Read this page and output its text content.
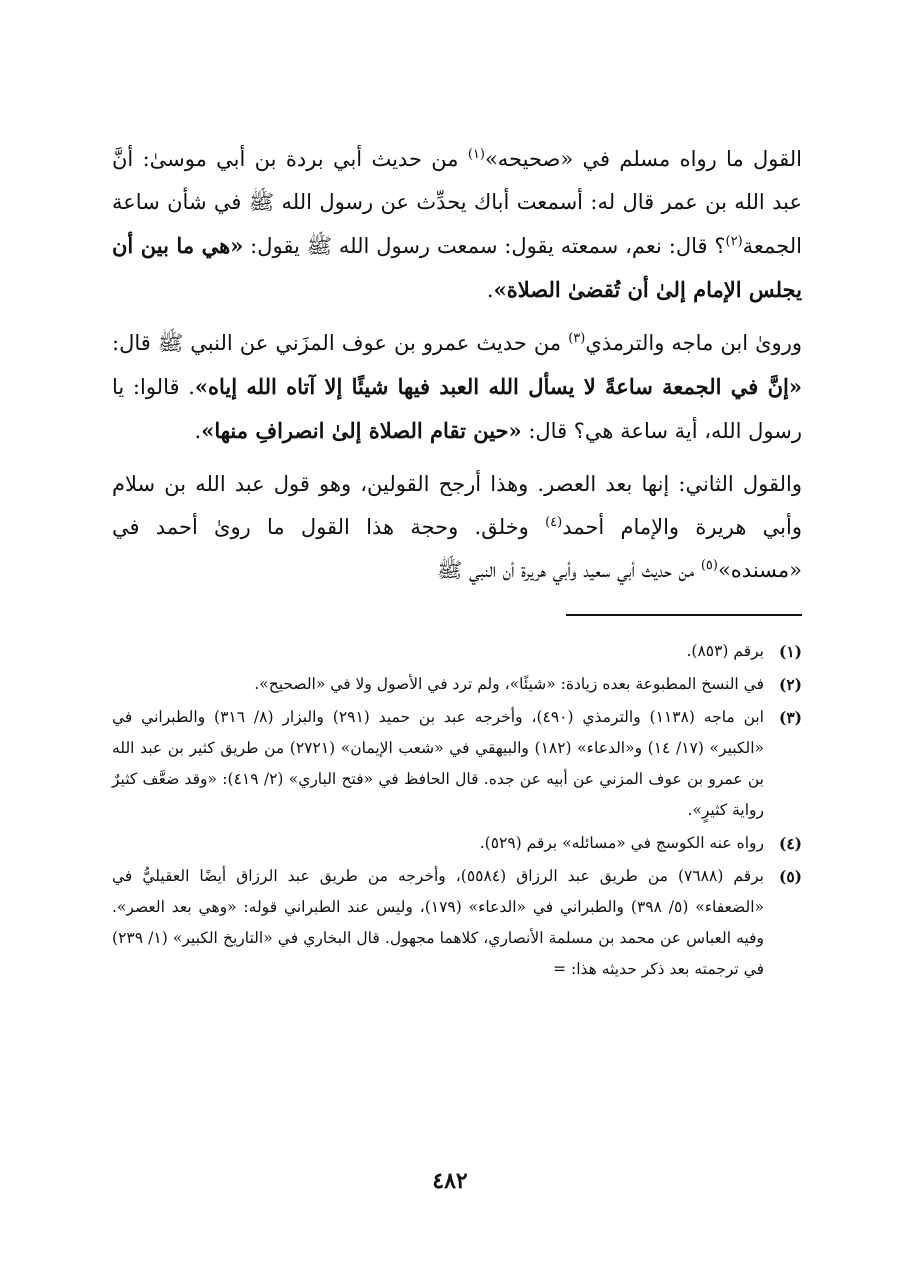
القول ما رواه مسلم في «صحيحه»$^{(١)}$ من حديث أبي بردة بن أبي موسىٰ: أنَّ عبد الله بن عمر قال له: أسمعت أباك يحدِّث عن رسول الله ﷺ في شأن ساعة الجمعة$^{(٢)}$؟ قال: نعم، سمعته يقول: سمعت رسول الله ﷺ يقول: «هي ما بين أن يجلس الإمام إلىٰ أن تُقضىٰ الصلاة».

وروىٰ ابن ماجه والترمذي$^{(٣)}$ من حديث عمرو بن عوف المزَني عن النبي ﷺ قال: «إنَّ في الجمعة ساعةً لا يسأل الله العبد فيها شيئًا إلا آتاه الله إياه». قالوا: يا رسول الله، أية ساعة هي؟ قال: «حين تقام الصلاة إلىٰ انصرافِ منها».

والقول الثاني: إنها بعد العصر. وهذا أرجح القولين، وهو قول عبد الله بن سلام وأبي هريرة والإمام أحمد$^{(٤)}$ وخلق. وحجة هذا القول ما روىٰ أحمد في «مسنده»$^{(٥)}$ من حديث أبي سعيد وأبي هريرة أن النبي ﷺ

(١)
برقم (٨٥٣).
(٢)
في النسخ المطبوعة بعده زيادة: «شيئًا»، ولم ترد في الأصول ولا في «الصحيح».
(٣)
ابن ماجه (١١٣٨) والترمذي (٤٩٠)، وأخرجه عبد بن حميد (٢٩١) والبزار (٨/ ٣١٦) والطبراني في «الكبير» (١٧/ ١٤) و«الدعاء» (١٨٢) والبيهقي في «شعب الإيمان» (٢٧٢١) من طريق كثير بن عبد الله بن عمرو بن عوف المزني عن أبيه عن جده. قال الحافظ في «فتح الباري» (٢/ ٤١٩): «وقد ضعَّف كثيرٌ رواية كثيرٍ».
(٤)
رواه عنه الكوسج في «مسائله» برقم (٥٢٩).
(٥)
برقم (٧٦٨٨) من طريق عبد الرزاق (٥٥٨٤)، وأخرجه من طريق عبد الرزاق أيضًا العقيليُّ في «الضعفاء» (٥/ ٣٩٨) والطبراني في «الدعاء» (١٧٩)، وليس عند الطبراني قوله: «وهي بعد العصر». وفيه العباس عن محمد بن مسلمة الأنصاري، كلاهما مجهول. قال البخاري في «التاريخ الكبير» (١/ ٢٣٩) في ترجمته بعد ذكر حديثه هذا: =
٤٨٢
